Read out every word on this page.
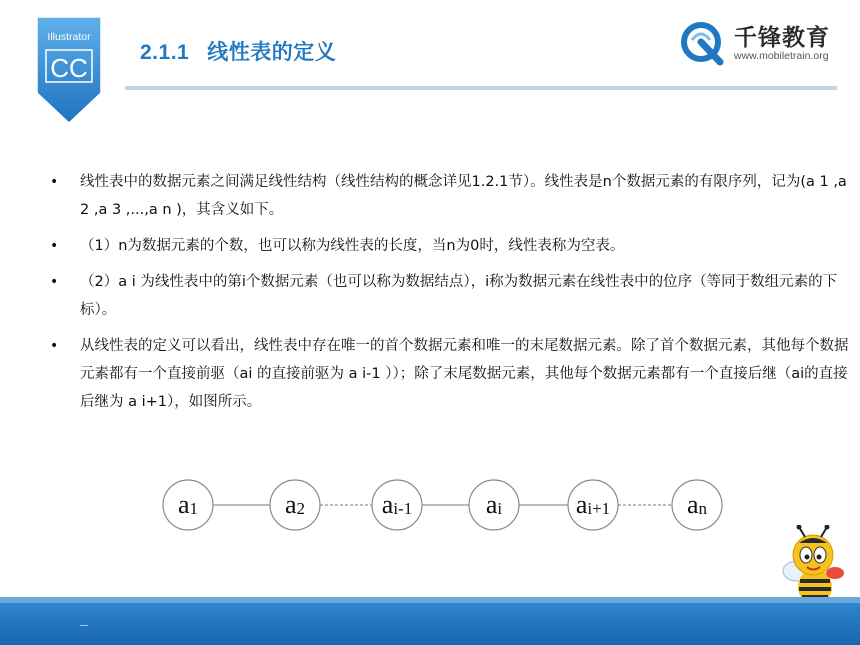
Illustrator
CC
2.1.1 线性表的定义
千锋教育
www.mobiletrain.org
• 线性表中的数据元素之间满足线性结构（线性结构的概念详见1.2.1节）。线性表是n个数据元素的有限序列，记为(a 1 ,a 2 ,a 3 ,...,a n )，其含义如下。
• （1）n为数据元素的个数，也可以称为线性表的长度，当n为0时，线性表称为空表。
• （2）a i 为线性表中的第i个数据元素（也可以称为数据结点），i称为数据元素在线性表中的位序（等同于数组元素的下标）。
• 从线性表的定义可以看出，线性表中存在唯一的首个数据元素和唯一的末尾数据元素。除了首个数据元素，其他每个数据元素都有一个直接前驱（ai 的直接前驱为 a i-1 ））；除了末尾数据元素，其他每个数据元素都有一个直接后继（ai的直接后继为 a i+1），如图所示。
a1	a2	ai-1	ai	ai+1	an
